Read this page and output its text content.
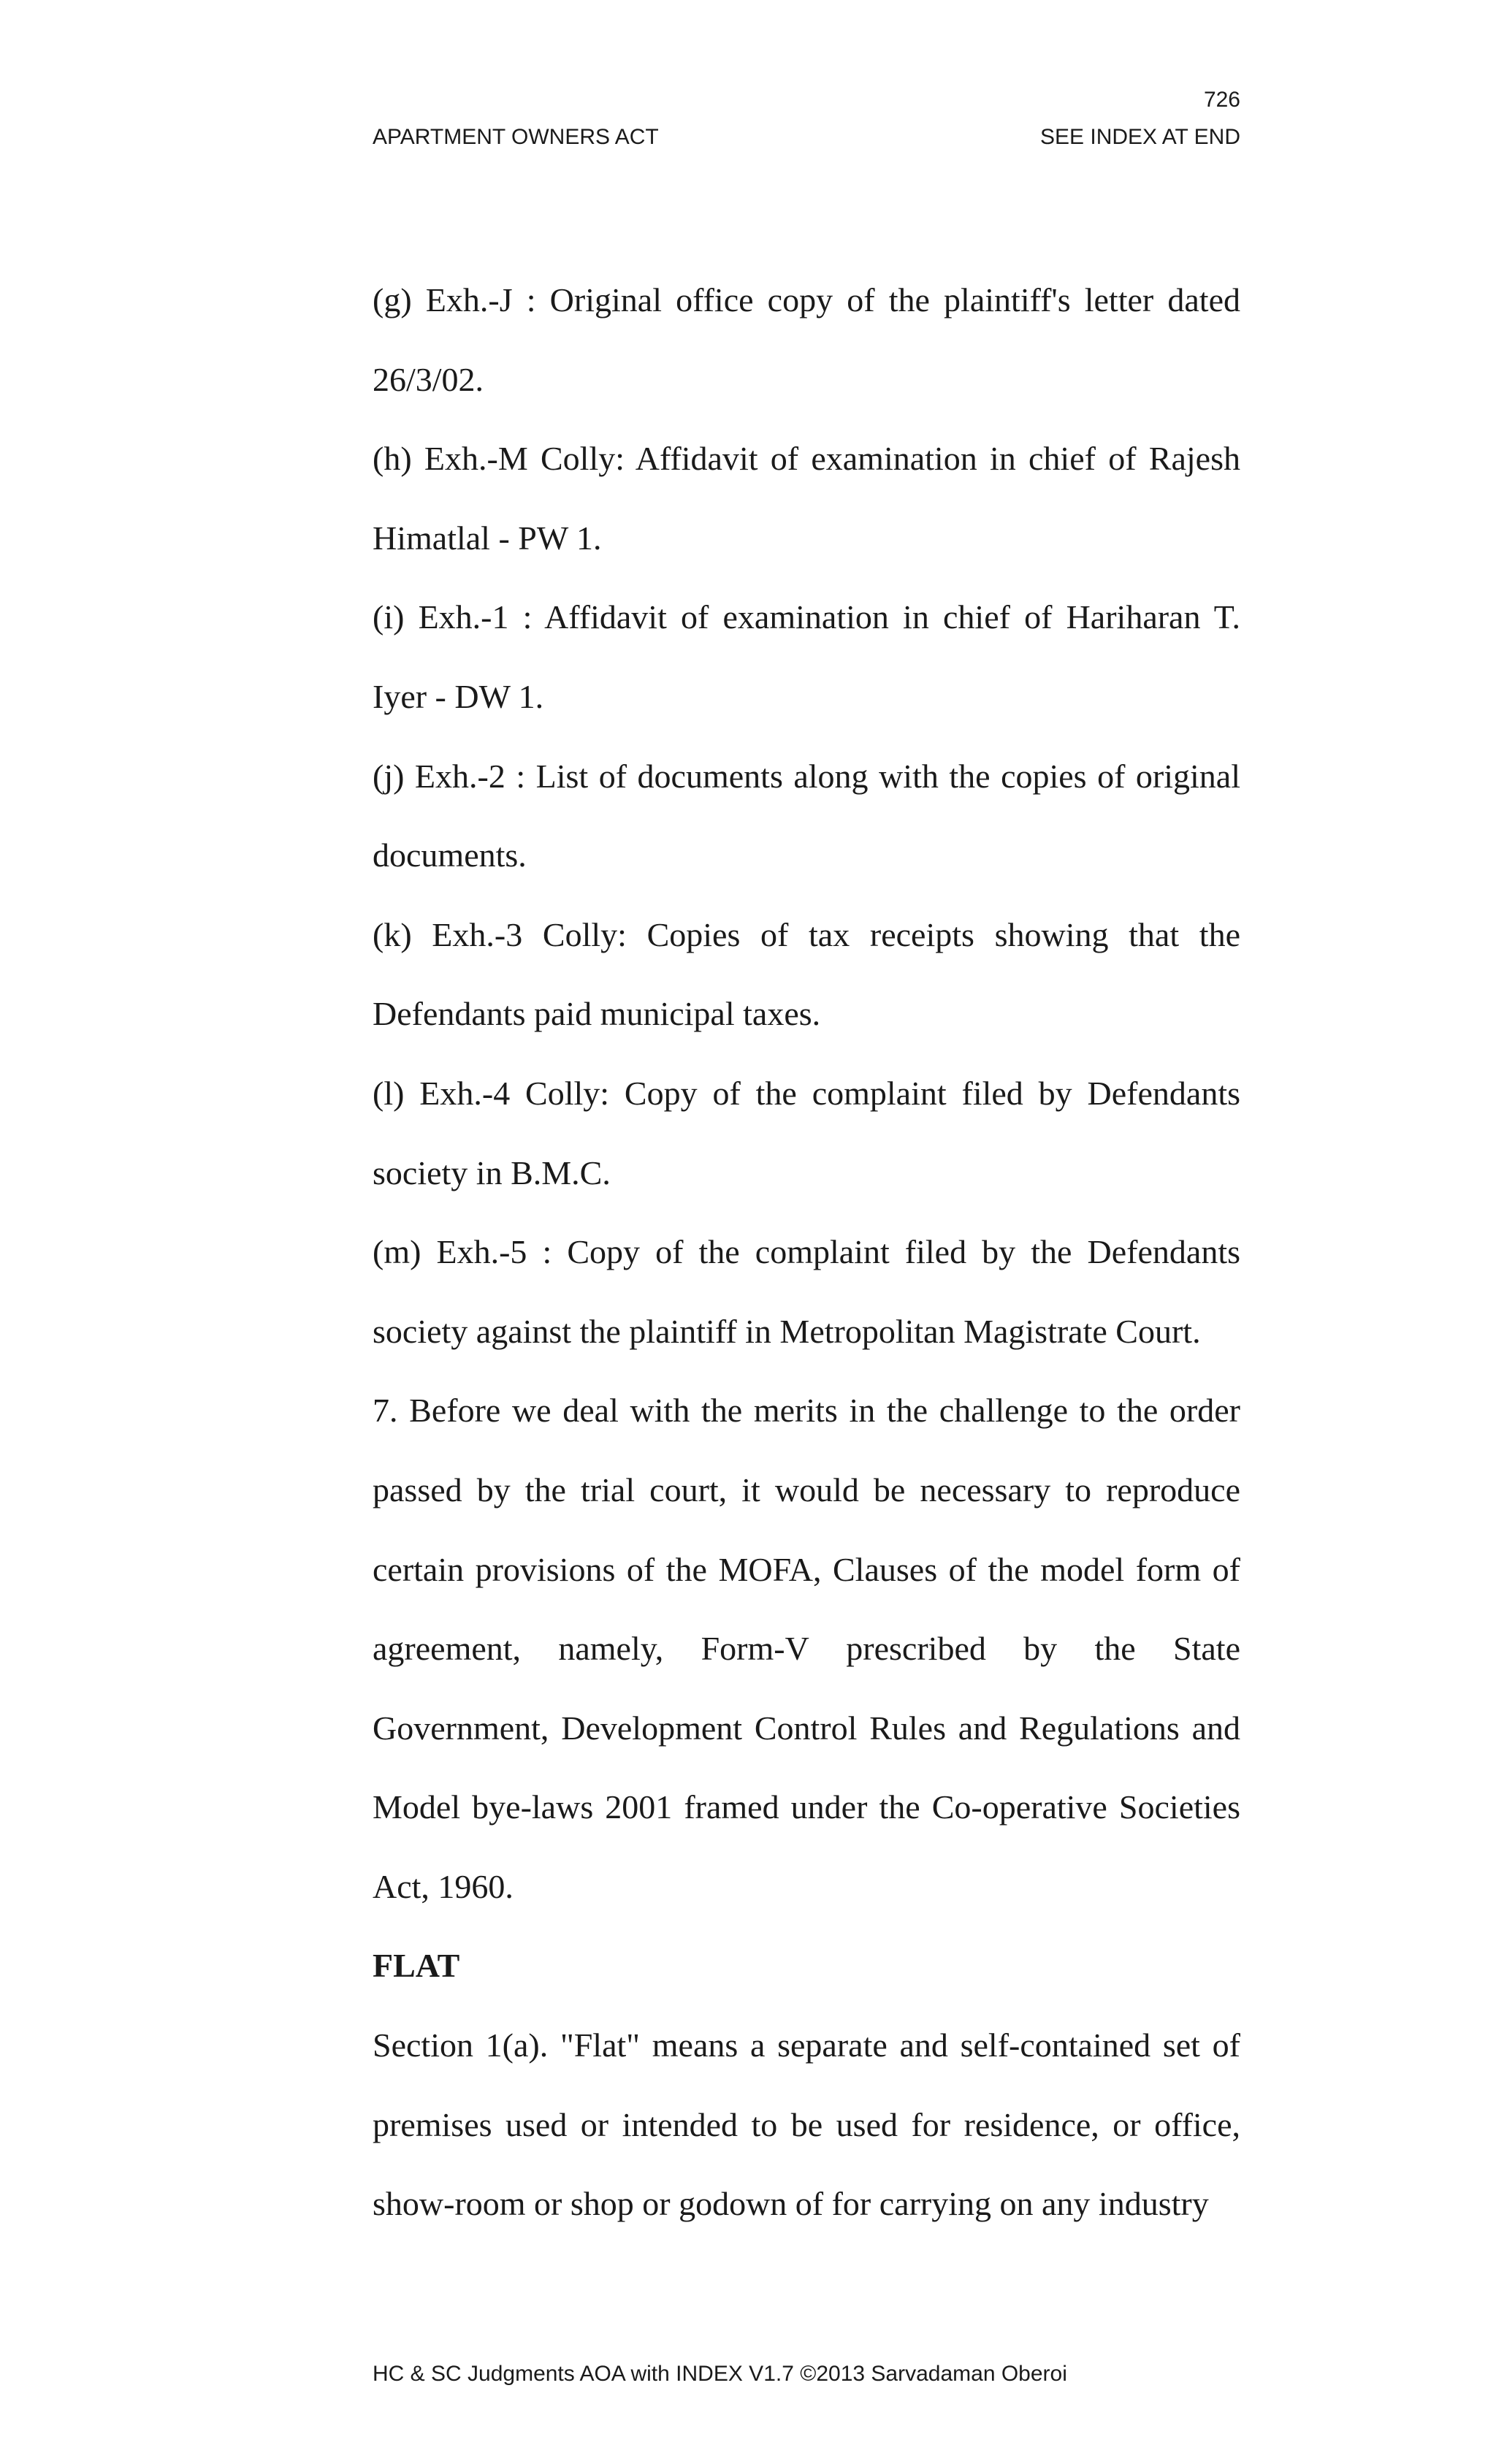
726
APARTMENT OWNERS ACT	SEE INDEX AT END

(g) Exh.-J : Original office copy of the plaintiff's letter dated 26/3/02.

(h) Exh.-M Colly: Affidavit of examination in chief of Rajesh Himatlal - PW 1.

(i) Exh.-1 : Affidavit of examination in chief of Hariharan T. Iyer - DW 1.

(j) Exh.-2 : List of documents along with the copies of original documents.

(k) Exh.-3 Colly: Copies of tax receipts showing that the Defendants paid municipal taxes.

(l) Exh.-4 Colly: Copy of the complaint filed by Defendants society in B.M.C.

(m) Exh.-5 : Copy of the complaint filed by the Defendants society against the plaintiff in Metropolitan Magistrate Court.

7. Before we deal with the merits in the challenge to the order passed by the trial court, it would be necessary to reproduce certain provisions of the MOFA, Clauses of the model form of agreement, namely, Form-V prescribed by the State Government, Development Control Rules and Regulations and Model bye-laws 2001 framed under the Co-operative Societies Act, 1960.

FLAT

Section 1(a). "Flat" means a separate and self-contained set of premises used or intended to be used for residence, or office, show-room or shop or godown of for carrying on any industry

HC & SC Judgments AOA with INDEX V1.7 ©2013 Sarvadaman Oberoi
